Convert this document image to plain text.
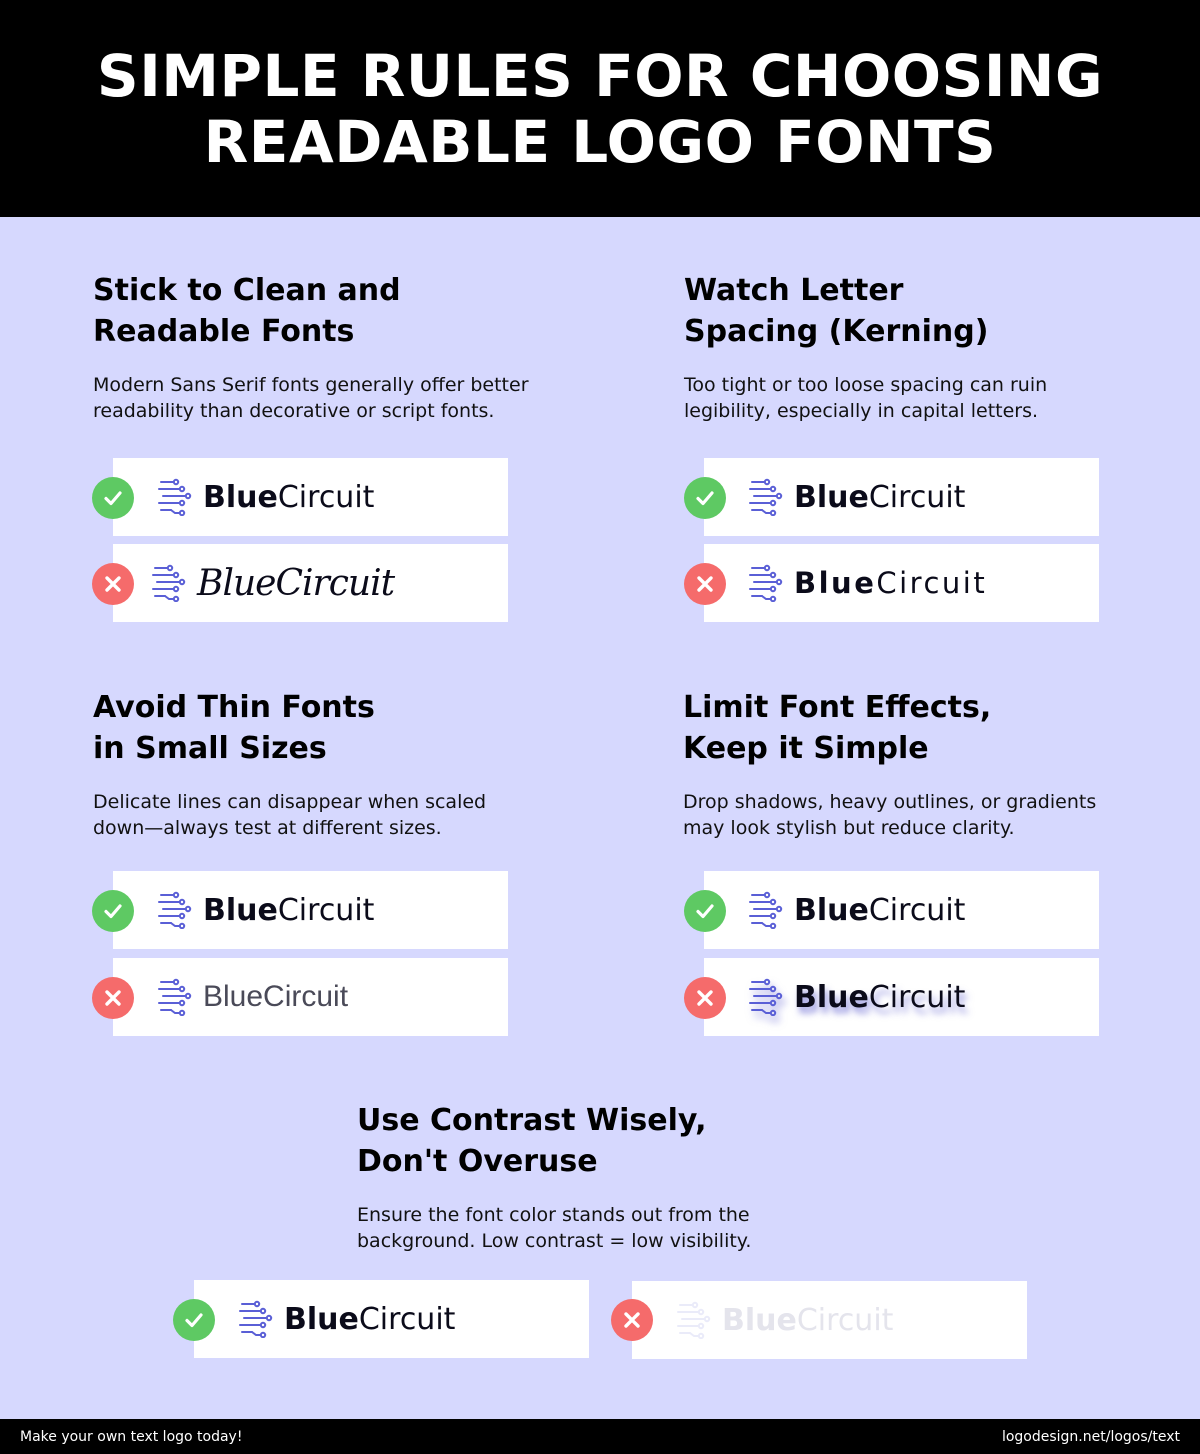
SIMPLE RULES FOR CHOOSING
READABLE LOGO FONTS
Stick to Clean and
Readable Fonts

Modern Sans Serif fonts generally offer better
readability than decorative or script fonts.

BlueCircuit
BlueCircuit
Watch Letter
Spacing (Kerning)

Too tight or too loose spacing can ruin
legibility, especially in capital letters.

BlueCircuit
BlueCircuit
Avoid Thin Fonts
in Small Sizes

Delicate lines can disappear when scaled
down—always test at different sizes.

BlueCircuit
BlueCircuit
Limit Font Effects,
Keep it Simple

Drop shadows, heavy outlines, or gradients
may look stylish but reduce clarity.

BlueCircuit
BlueCircuit
Use Contrast Wisely,
Don't Overuse

Ensure the font color stands out from the
background. Low contrast = low visibility.

BlueCircuit	BlueCircuit
Make your own text logo today!	logodesign.net/logos/text
